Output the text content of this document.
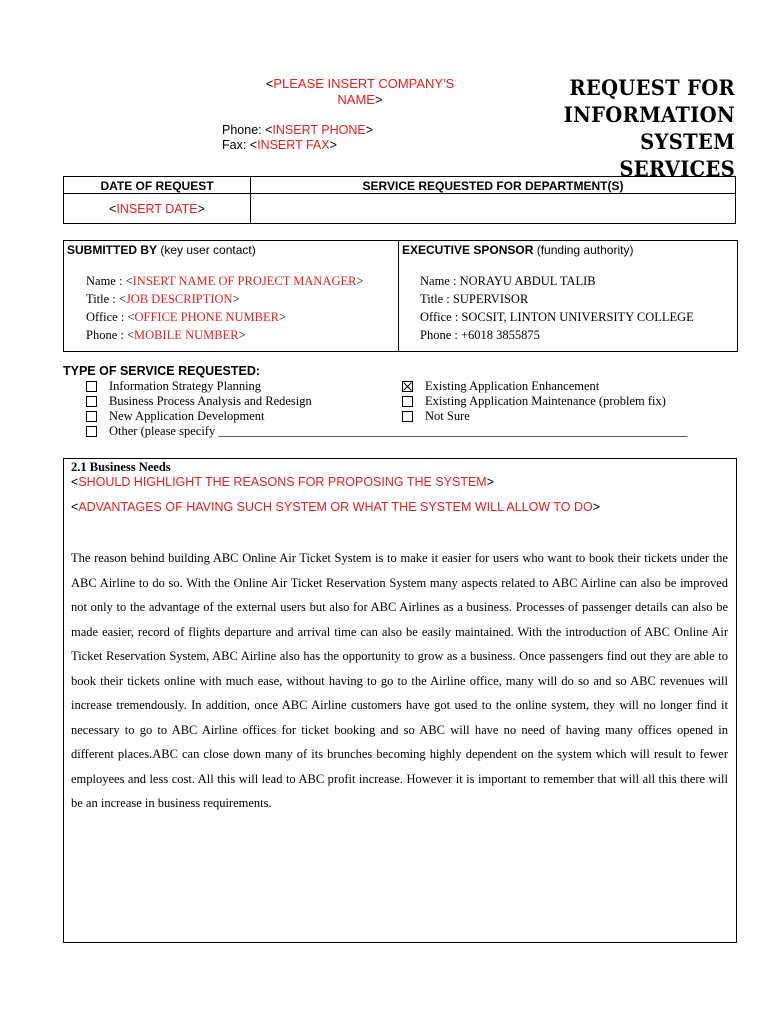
<PLEASE INSERT COMPANY'S
NAME>
Phone: <INSERT PHONE>
Fax: <INSERT FAX>
REQUEST FOR
INFORMATION
SYSTEM SERVICES
DATE OF REQUEST	SERVICE REQUESTED FOR DEPARTMENT(S)
<INSERT DATE>
SUBMITTED BY (key user contact)
Name : <INSERT NAME OF PROJECT MANAGER>
Title : <JOB DESCRIPTION>
Office : <OFFICE PHONE NUMBER>
Phone : <MOBILE NUMBER>
EXECUTIVE SPONSOR (funding authority)
Name : NORAYU ABDUL TALIB
Title : SUPERVISOR
Office : SOCSIT, LINTON UNIVERSITY COLLEGE
Phone : +6018 3855875
TYPE OF SERVICE REQUESTED:
Information Strategy Planning
Business Process Analysis and Redesign
New Application Development
Other (please specify ___________________________________________________________________________
Existing Application Enhancement
Existing Application Maintenance (problem fix)
Not Sure
2.1 Business Needs
<SHOULD HIGHLIGHT THE REASONS FOR PROPOSING THE SYSTEM>
<ADVANTAGES OF HAVING SUCH SYSTEM OR WHAT THE SYSTEM WILL ALLOW TO DO>
The reason behind building ABC Online Air Ticket System is to make it easier for users who want to book their tickets under the ABC Airline to do so. With the Online Air Ticket Reservation System many aspects related to ABC Airline can also be improved not only to the advantage of the external users but also for ABC Airlines as a business. Processes of passenger details can also be made easier, record of flights departure and arrival time can also be easily maintained. With the introduction of ABC Online Air Ticket Reservation System, ABC Airline also has the opportunity to grow as a business. Once passengers find out they are able to book their tickets online with much ease, without having to go to the Airline office, many will do so and so ABC revenues will increase tremendously. In addition, once ABC Airline customers have got used to the online system, they will no longer find it necessary to go to ABC Airline offices for ticket booking and so ABC will have no need of having many offices opened in different places.ABC can close down many of its brunches becoming highly dependent on the system which will result to fewer employees and less cost. All this will lead to ABC profit increase. However it is important to remember that will all this there will be an increase in business requirements.
